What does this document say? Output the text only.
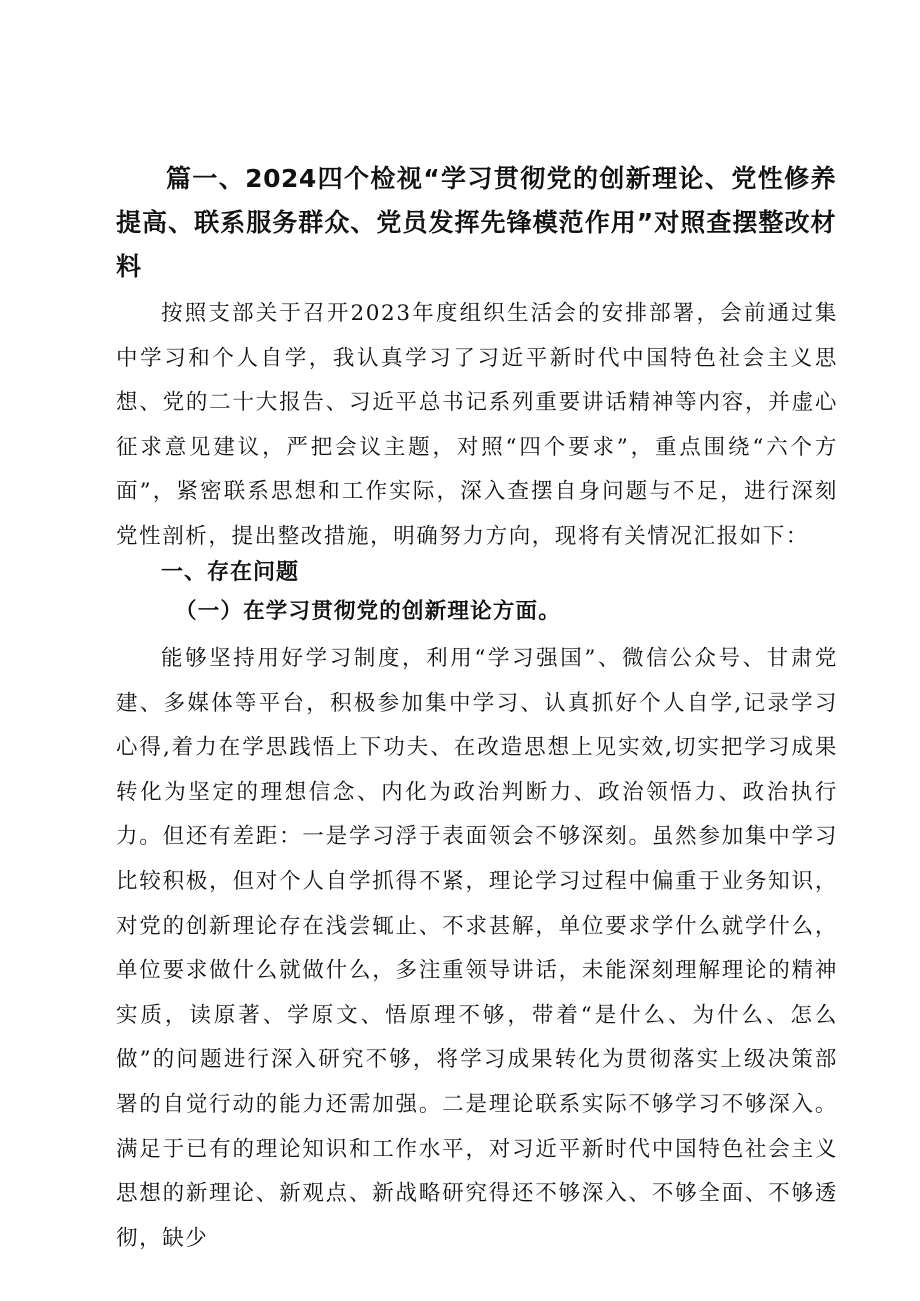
篇一、2024四个检视“学习贯彻党的创新理论、党性修养提高、联系服务群众、党员发挥先锋模范作用”对照查摆整改材料

按照支部关于召开2023年度组织生活会的安排部署，会前通过集中学习和个人自学，我认真学习了习近平新时代中国特色社会主义思想、党的二十大报告、习近平总书记系列重要讲话精神等内容，并虚心征求意见建议，严把会议主题，对照“四个要求”，重点围绕“六个方面”，紧密联系思想和工作实际，深入查摆自身问题与不足，进行深刻党性剖析，提出整改措施，明确努力方向，现将有关情况汇报如下：

一、存在问题
（一）在学习贯彻党的创新理论方面。

能够坚持用好学习制度，利用“学习强国”、微信公众号、甘肃党建、多媒体等平台，积极参加集中学习、认真抓好个人自学,记录学习心得,着力在学思践悟上下功夫、在改造思想上见实效,切实把学习成果转化为坚定的理想信念、内化为政治判断力、政治领悟力、政治执行力。但还有差距：一是学习浮于表面领会不够深刻。虽然参加集中学习比较积极，但对个人自学抓得不紧，理论学习过程中偏重于业务知识，对党的创新理论存在浅尝辄止、不求甚解，单位要求学什么就学什么，单位要求做什么就做什么，多注重领导讲话，未能深刻理解理论的精神实质，读原著、学原文、悟原理不够，带着“是什么、为什么、怎么做”的问题进行深入研究不够，将学习成果转化为贯彻落实上级决策部署的自觉行动的能力还需加强。二是理论联系实际不够学习不够深入。满足于已有的理论知识和工作水平，对习近平新时代中国特色社会主义思想的新理论、新观点、新战略研究得还不够深入、不够全面、不够透彻，缺少
